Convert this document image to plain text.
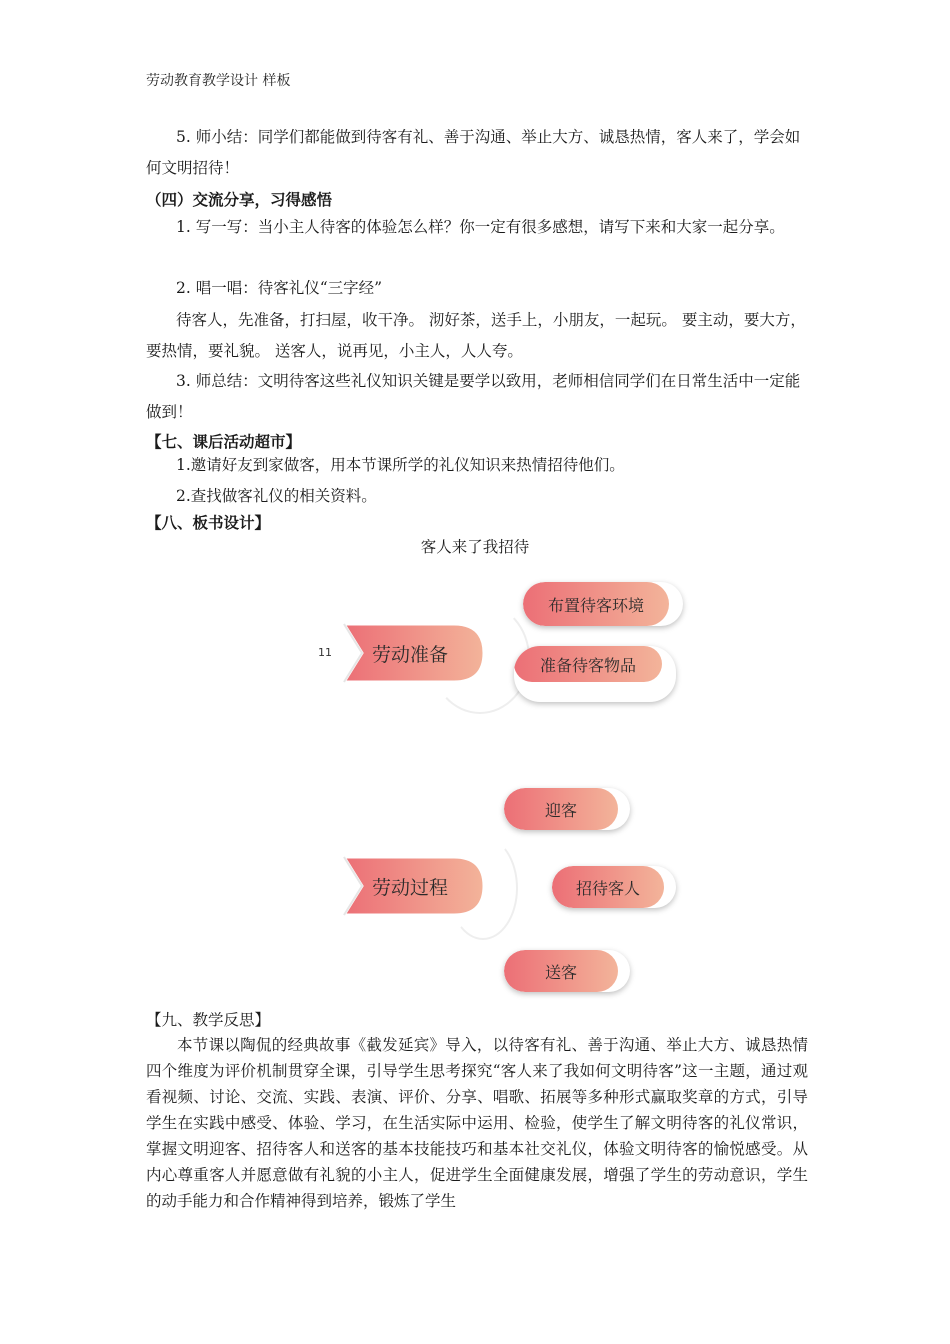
劳动教育教学设计 样板
5. 师小结：同学们都能做到待客有礼、善于沟通、举止大方、诚恳热情，客人来了，学会如何文明招待！
（四）交流分享，习得感悟
1. 写一写：当小主人待客的体验怎么样？你一定有很多感想，请写下来和大家一起分享。
2. 唱一唱：待客礼仪“三字经”
待客人，先准备，打扫屋，收干净。 沏好茶，送手上，小朋友，一起玩。 要主动，要大方，要热情，要礼貌。 送客人，说再见，小主人，人人夸。
3. 师总结：文明待客这些礼仪知识关键是要学以致用，老师相信同学们在日常生活中一定能做到！
【七、课后活动超市】
1.邀请好友到家做客，用本节课所学的礼仪知识来热情招待他们。
2.查找做客礼仪的相关资料。
【八、板书设计】
客人来了我招待
11 劳动准备
布置待客环境
准备待客物品
劳动过程
迎客
招待客人
送客
【九、教学反思】
本节课以陶侃的经典故事《截发延宾》导入，以待客有礼、善于沟通、举止大方、诚恳热情四个维度为评价机制贯穿全课，引导学生思考探究“客人来了我如何文明待客”这一主题，通过观看视频、讨论、交流、实践、表演、评价、分享、唱歌、拓展等多种形式赢取奖章的方式，引导学生在实践中感受、体验、学习，在生活实际中运用、检验，使学生了解文明待客的礼仪常识，掌握文明迎客、招待客人和送客的基本技能技巧和基本社交礼仪，体验文明待客的愉悦感受。从内心尊重客人并愿意做有礼貌的小主人，促进学生全面健康发展，增强了学生的劳动意识，学生的动手能力和合作精神得到培养，锻炼了学生
